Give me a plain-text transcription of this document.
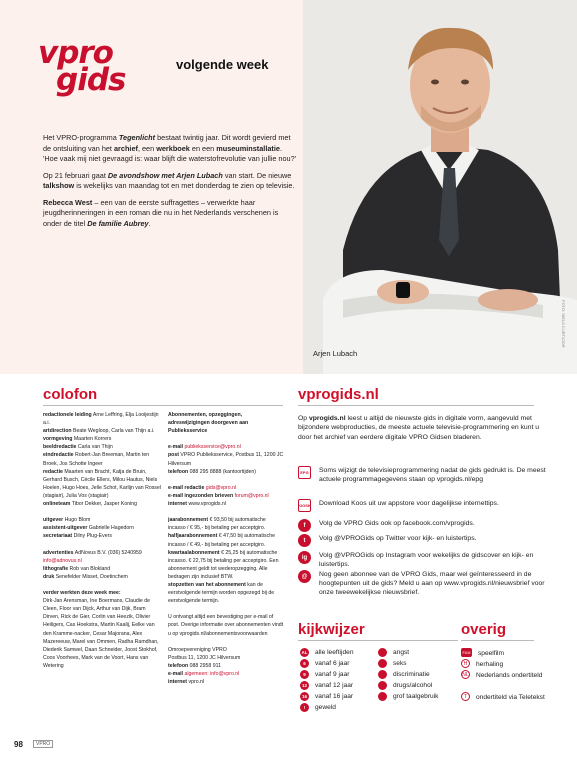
vpro
gids	volgende week
Arjen Lubach
FOTO: NIELS CURTSJOR

Het VPRO-programma Tegenlicht bestaat twintig jaar. Dit wordt gevierd met de ontsluiting van het archief, een werkboek en een museuminstallatie. 'Hoe vaak mij niet gevraagd is: waar blijft die waterstofrevolutie van jullie nou?'

Op 21 februari gaat De avondshow met Arjen Lubach van start. De nieuwe talkshow is wekelijks van maandag tot en met donderdag te zien op televisie.

Rebecca West – een van de eerste suffragettes – verwerkte haar jeugdherinneringen in een roman die nu in het Nederlands verschenen is onder de titel De familie Aubrey.

colofon
redactionele leiding Arne Leffring, Elja Looijestijn a.i.
artdirection Beate Wegloop, Carla van Thijn a.i.
vormgeving Maarten Korrers
beeldredactie Carla van Thijn
eindredactie Robert-Jan Breeman, Martin ten Broek, Jos Schotte Ingeer
redactie Maarten van Bracht, Katja de Bruin, Gerhard Busch, Cécile Ellers, Milou Hautus, Niels Hoelen, Hugo Hoes, Jelle Schot, Karlijn van Rossel (stagiair), Julia Vos (stagiair)
onlineteam Tibor Dekker, Jasper Koning

uitgever Hugo Blom
assistent-uitgever Gabrielle Hagedorn
secretariaat Dilny Plug-Evers

advertenties AdNovus B.V. (036) 5240959
info@adnovus.nl
lithografie Rob van Blokland
druk Senefelder Misset, Doetinchem

verder werkten deze week mee:
Dirk-Jan Arensman, Ine Boermans, Claudie de Cleen, Floor van Dijck, Arthur van Dijk, Bram Dirven, Rick de Gier, Corlin van Heezik, Olivier Heiligers, Cas Hoekstra, Martin Kaalij, Eelke van den Kramme-nacker, Cesar Majorana, Alex Mazereeuw, Marel van Ommen, Radha Ramdhan, Diederik Samwel, Daan Schneider, Joost Stokhof, Coos Voorhees, Mark van de Voort, Hans van Wetering
Abonnementen, opzeggingen, adreswijzigingen doorgeven aan Publieksservice

e-mail publieksservice@vpro.nl
post VPRO Publieksservice, Postbus 11, 1200 JC Hilversum
telefoon 088 295 8888 (kantoortijden)

e-mail redactie gids@vpro.nl
e-mail ingezonden brieven forum@vpro.nl
internet www.vprogids.nl

jaarabonnement € 93,50 bij automatische incasso / € 95,- bij betaling per acceptgiro.
halfjaarabonnement € 47,50 bij automatische incasso / € 49,- bij betaling per acceptgiro.
kwartaalabonnement € 25,25 bij automatische incasso. € 22,75 bij betaling per acceptgiro. Een abonnement geldt tot wederopzegging. Alle bedragen zijn inclusief BTW.
stopzetten van het abonnement kan de eerstvolgende termijn worden opgezegd bij de eerstvolgende termijn.

U ontvangt altijd een bevestiging per e-mail of post. Overige informatie over abonnementen vindt u op vprogids.nl/abonnementsvoorwaarden

Omroepvereniging VPRO
Postbus 11, 1200 JC Hilversum
telefoon 088 2958 911
e-mail algemeen: info@vpro.nl
internet vpro.nl
vprogids.nl
Op vprogids.nl leest u altijd de nieuwste gids in digitale vorm, aangevuld met bijzondere webproducties, de meeste actuele televisie-programmering en kunt u door het archief van eerdere digitale VPRO Gidsen bladeren.
EPG	Soms wijzigt de televisieprogrammering nadat de gids gedrukt is. De meest actuele programmagegevens staan op vprogids.nl/epg
KIOSK Download Koos uit uw appstore voor dagelijkse internettips.
f	Volg de VPRO Gids ook op facebook.com/vprogids.
t	Volg @VPROGids op Twitter voor kijk- en luistertips.
ig	Volg @VPROGids op Instagram voor wekelijks de gidscover en kijk- en luistertips.
@	Nog geen abonnee van de VPRO Gids, maar wel geïnteresseerd in de hoogtepunten uit de gids? Meld u aan op www.vprogids.nl/nieuwsbrief voor onze tweewekelijkse nieuwsbrief.
kijkwijzer
AL alle leeftijden
6	vanaf 6 jaar
9	vanaf 9 jaar
12	vanaf 12 jaar
16	vanaf 16 jaar
!	geweld
angst
seks
discriminatie
drugs/alcohol
grof taalgebruik
overig
FILM speelfilm
H	herhaling
NL Nederlands ondertiteld
T	ondertiteld via Teletekst
98	VPRO
